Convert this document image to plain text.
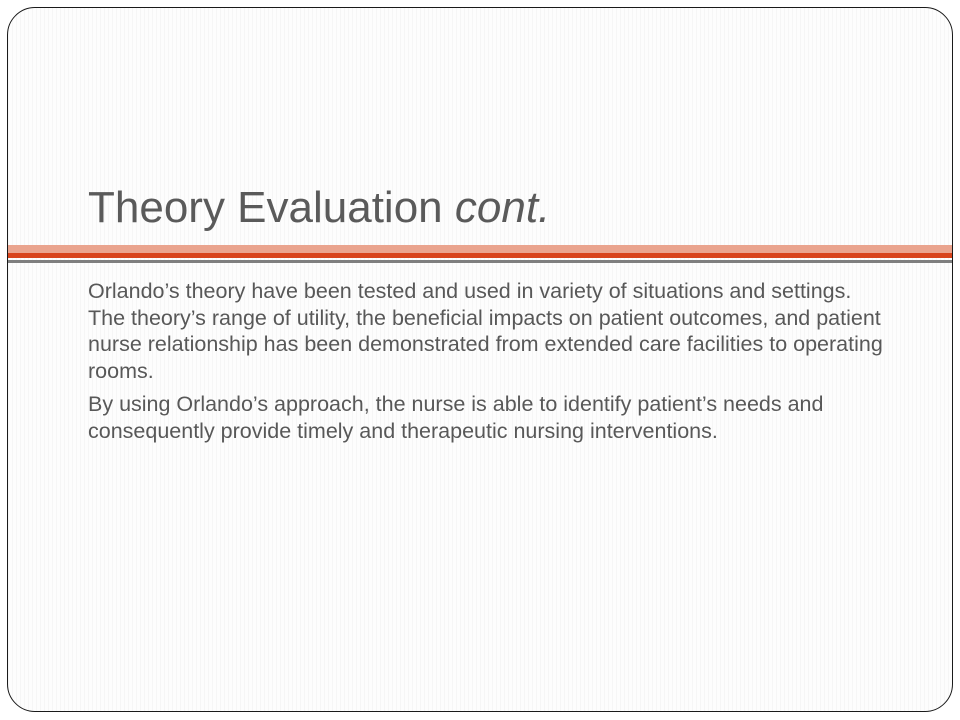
Theory Evaluation cont.

Orlando’s theory have been tested and used in variety of situations and settings. The theory’s range of utility, the beneficial impacts on patient outcomes, and patient nurse relationship has been demonstrated from extended care facilities to operating rooms.

By using Orlando’s approach, the nurse is able to identify patient’s needs and consequently provide timely and therapeutic nursing interventions.
